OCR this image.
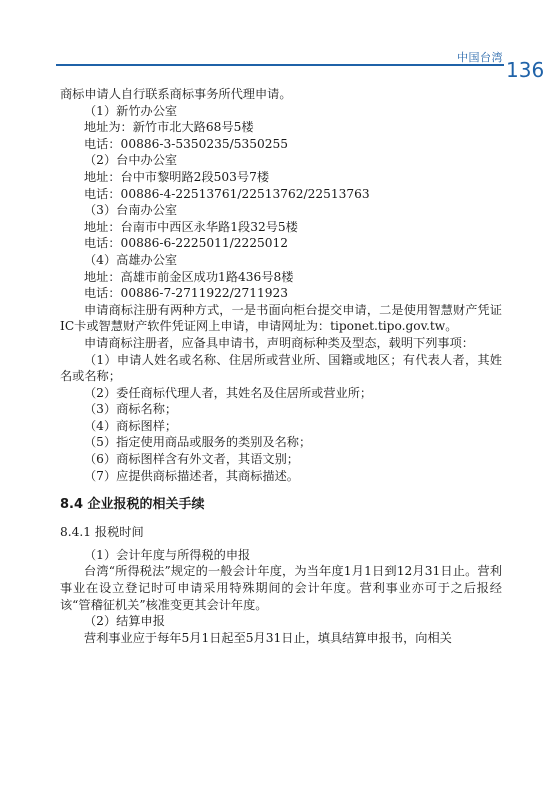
中国台湾
136

商标申请人自行联系商标事务所代理申请。

（1）新竹办公室

地址为：新竹市北大路68号5楼

电话：00886-3-5350235/5350255

（2）台中办公室

地址：台中市黎明路2段503号7楼

电话：00886-4-22513761/22513762/22513763

（3）台南办公室

地址：台南市中西区永华路1段32号5楼

电话：00886-6-2225011/2225012

（4）高雄办公室

地址：高雄市前金区成功1路436号8楼

电话：00886-7-2711922/2711923

申请商标注册有两种方式，一是书面向柜台提交申请，二是使用智慧财产凭证IC卡或智慧财产软件凭证网上申请，申请网址为：tiponet.tipo.gov.tw。

申请商标注册者，应备具申请书，声明商标种类及型态，载明下列事项：

（1）申请人姓名或名称、住居所或营业所、国籍或地区；有代表人者，其姓名或名称；

（2）委任商标代理人者，其姓名及住居所或营业所；

（3）商标名称；

（4）商标图样；

（5）指定使用商品或服务的类别及名称；

（6）商标图样含有外文者，其语文别；

（7）应提供商标描述者，其商标描述。

8.4 企业报税的相关手续
8.4.1 报税时间

（1）会计年度与所得税的申报

台湾“所得税法”规定的一般会计年度，为当年度1月1日到12月31日止。营利事业在设立登记时可申请采用特殊期间的会计年度。营利事业亦可于之后报经该“管稽征机关”核准变更其会计年度。

（2）结算申报

营利事业应于每年5月1日起至5月31日止，填具结算申报书，向相关
